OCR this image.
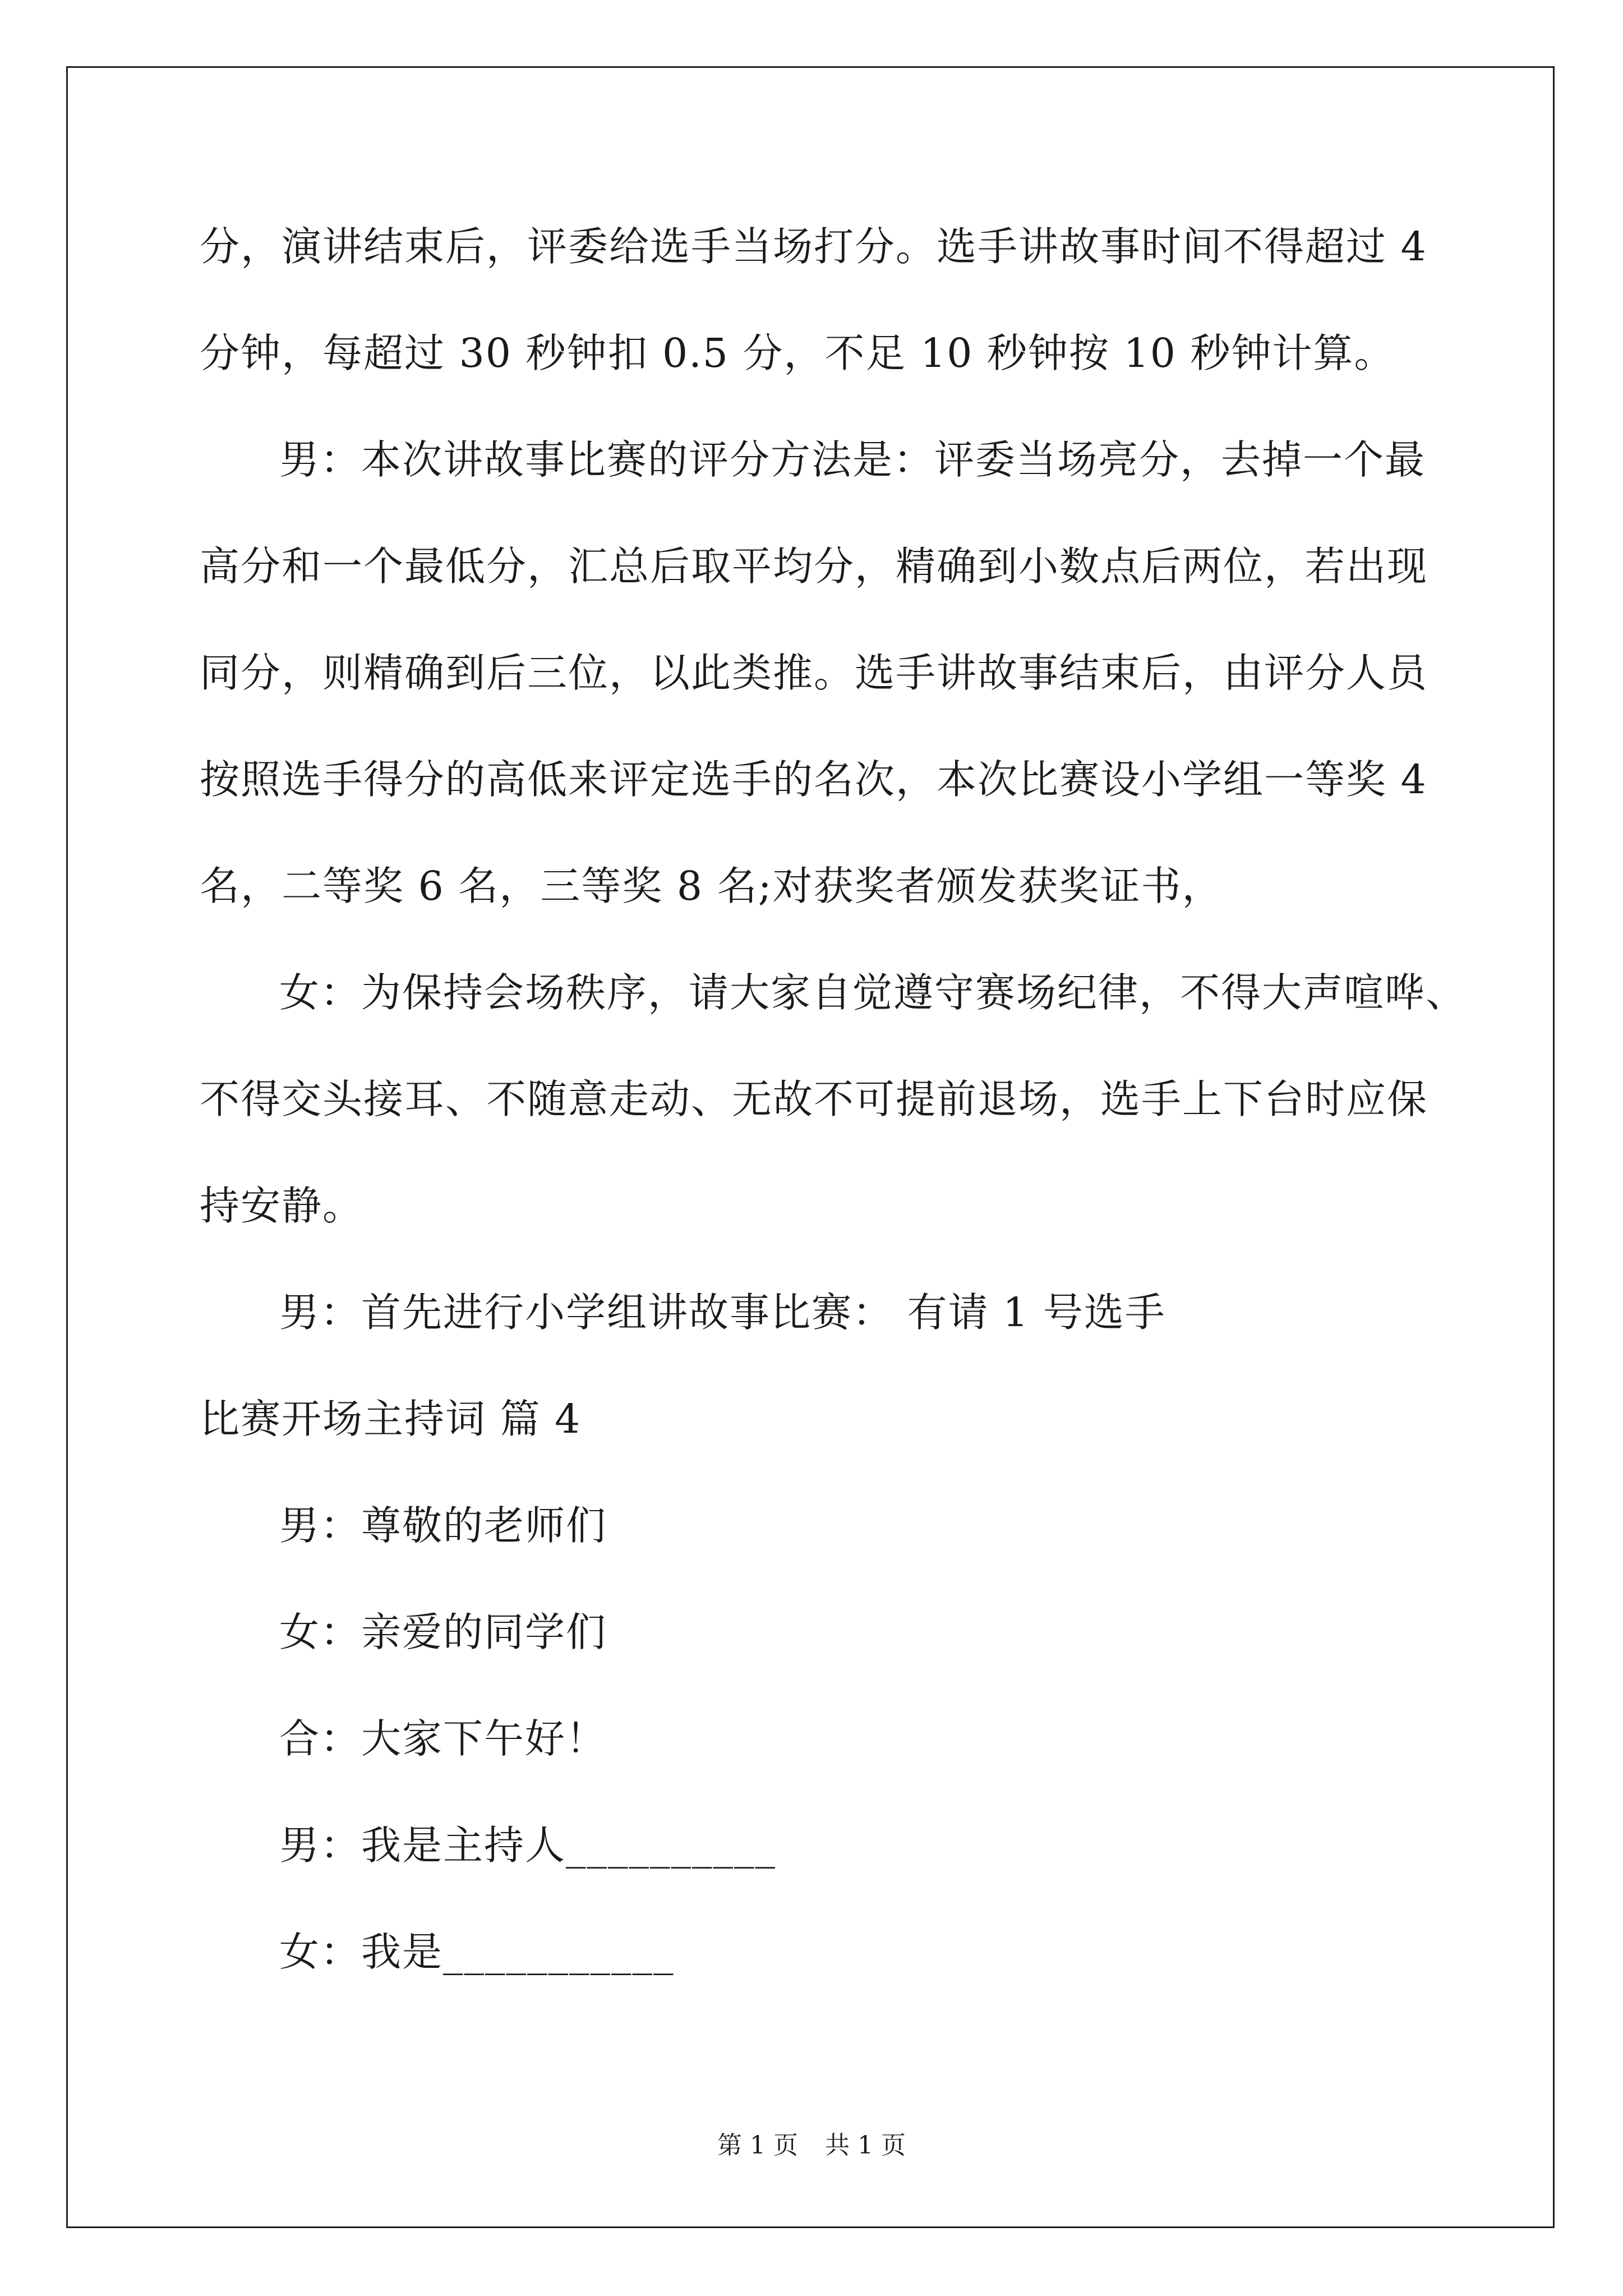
分，演讲结束后，评委给选手当场打分。选手讲故事时间不得超过 4
分钟，每超过 30 秒钟扣 0.5 分，不足 10 秒钟按 10 秒钟计算。
男：本次讲故事比赛的评分方法是：评委当场亮分，去掉一个最
高分和一个最低分，汇总后取平均分，精确到小数点后两位，若出现
同分，则精确到后三位，以此类推。选手讲故事结束后，由评分人员
按照选手得分的高低来评定选手的名次，本次比赛设小学组一等奖 4
名，二等奖 6 名，三等奖 8 名;对获奖者颁发获奖证书，
女：为保持会场秩序，请大家自觉遵守赛场纪律，不得大声喧哗、
不得交头接耳、不随意走动、无故不可提前退场，选手上下台时应保
持安静。
男：首先进行小学组讲故事比赛： 有请 1 号选手
比赛开场主持词 篇 4
男：尊敬的老师们
女：亲爱的同学们
合：大家下午好！
男：我是主持人__________
女：我是___________
第 1 页 共 1 页
